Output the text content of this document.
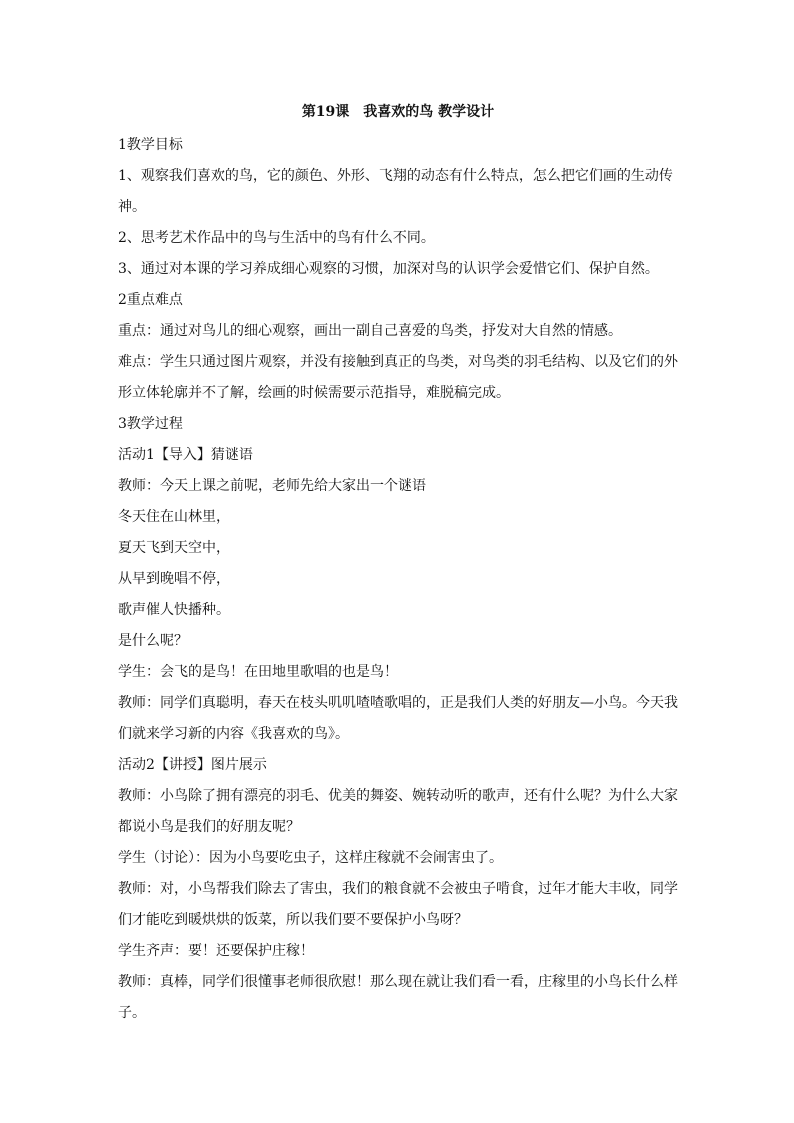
第19课　我喜欢的鸟 教学设计
1教学目标
1、观察我们喜欢的鸟，它的颜色、外形、飞翔的动态有什么特点，怎么把它们画的生动传
神。
2、思考艺术作品中的鸟与生活中的鸟有什么不同。
3、通过对本课的学习养成细心观察的习惯，加深对鸟的认识学会爱惜它们、保护自然。
2重点难点
重点：通过对鸟儿的细心观察，画出一副自己喜爱的鸟类，抒发对大自然的情感。
难点：学生只通过图片观察，并没有接触到真正的鸟类，对鸟类的羽毛结构、以及它们的外
形立体轮廓并不了解，绘画的时候需要示范指导，难脱稿完成。
3教学过程
活动1【导入】猜谜语
教师：今天上课之前呢，老师先给大家出一个谜语
冬天住在山林里，
夏天飞到天空中，
从早到晚唱不停，
歌声催人快播种。
是什么呢？
学生：会飞的是鸟！在田地里歌唱的也是鸟！
教师：同学们真聪明，春天在枝头叽叽喳喳歌唱的，正是我们人类的好朋友—小鸟。今天我
们就来学习新的内容《我喜欢的鸟》。
活动2【讲授】图片展示
教师：小鸟除了拥有漂亮的羽毛、优美的舞姿、婉转动听的歌声，还有什么呢？为什么大家
都说小鸟是我们的好朋友呢？
学生（讨论）：因为小鸟要吃虫子，这样庄稼就不会闹害虫了。
教师：对，小鸟帮我们除去了害虫，我们的粮食就不会被虫子啃食，过年才能大丰收，同学
们才能吃到暖烘烘的饭菜，所以我们要不要保护小鸟呀？
学生齐声：要！还要保护庄稼！
教师：真棒，同学们很懂事老师很欣慰！那么现在就让我们看一看，庄稼里的小鸟长什么样
子。
